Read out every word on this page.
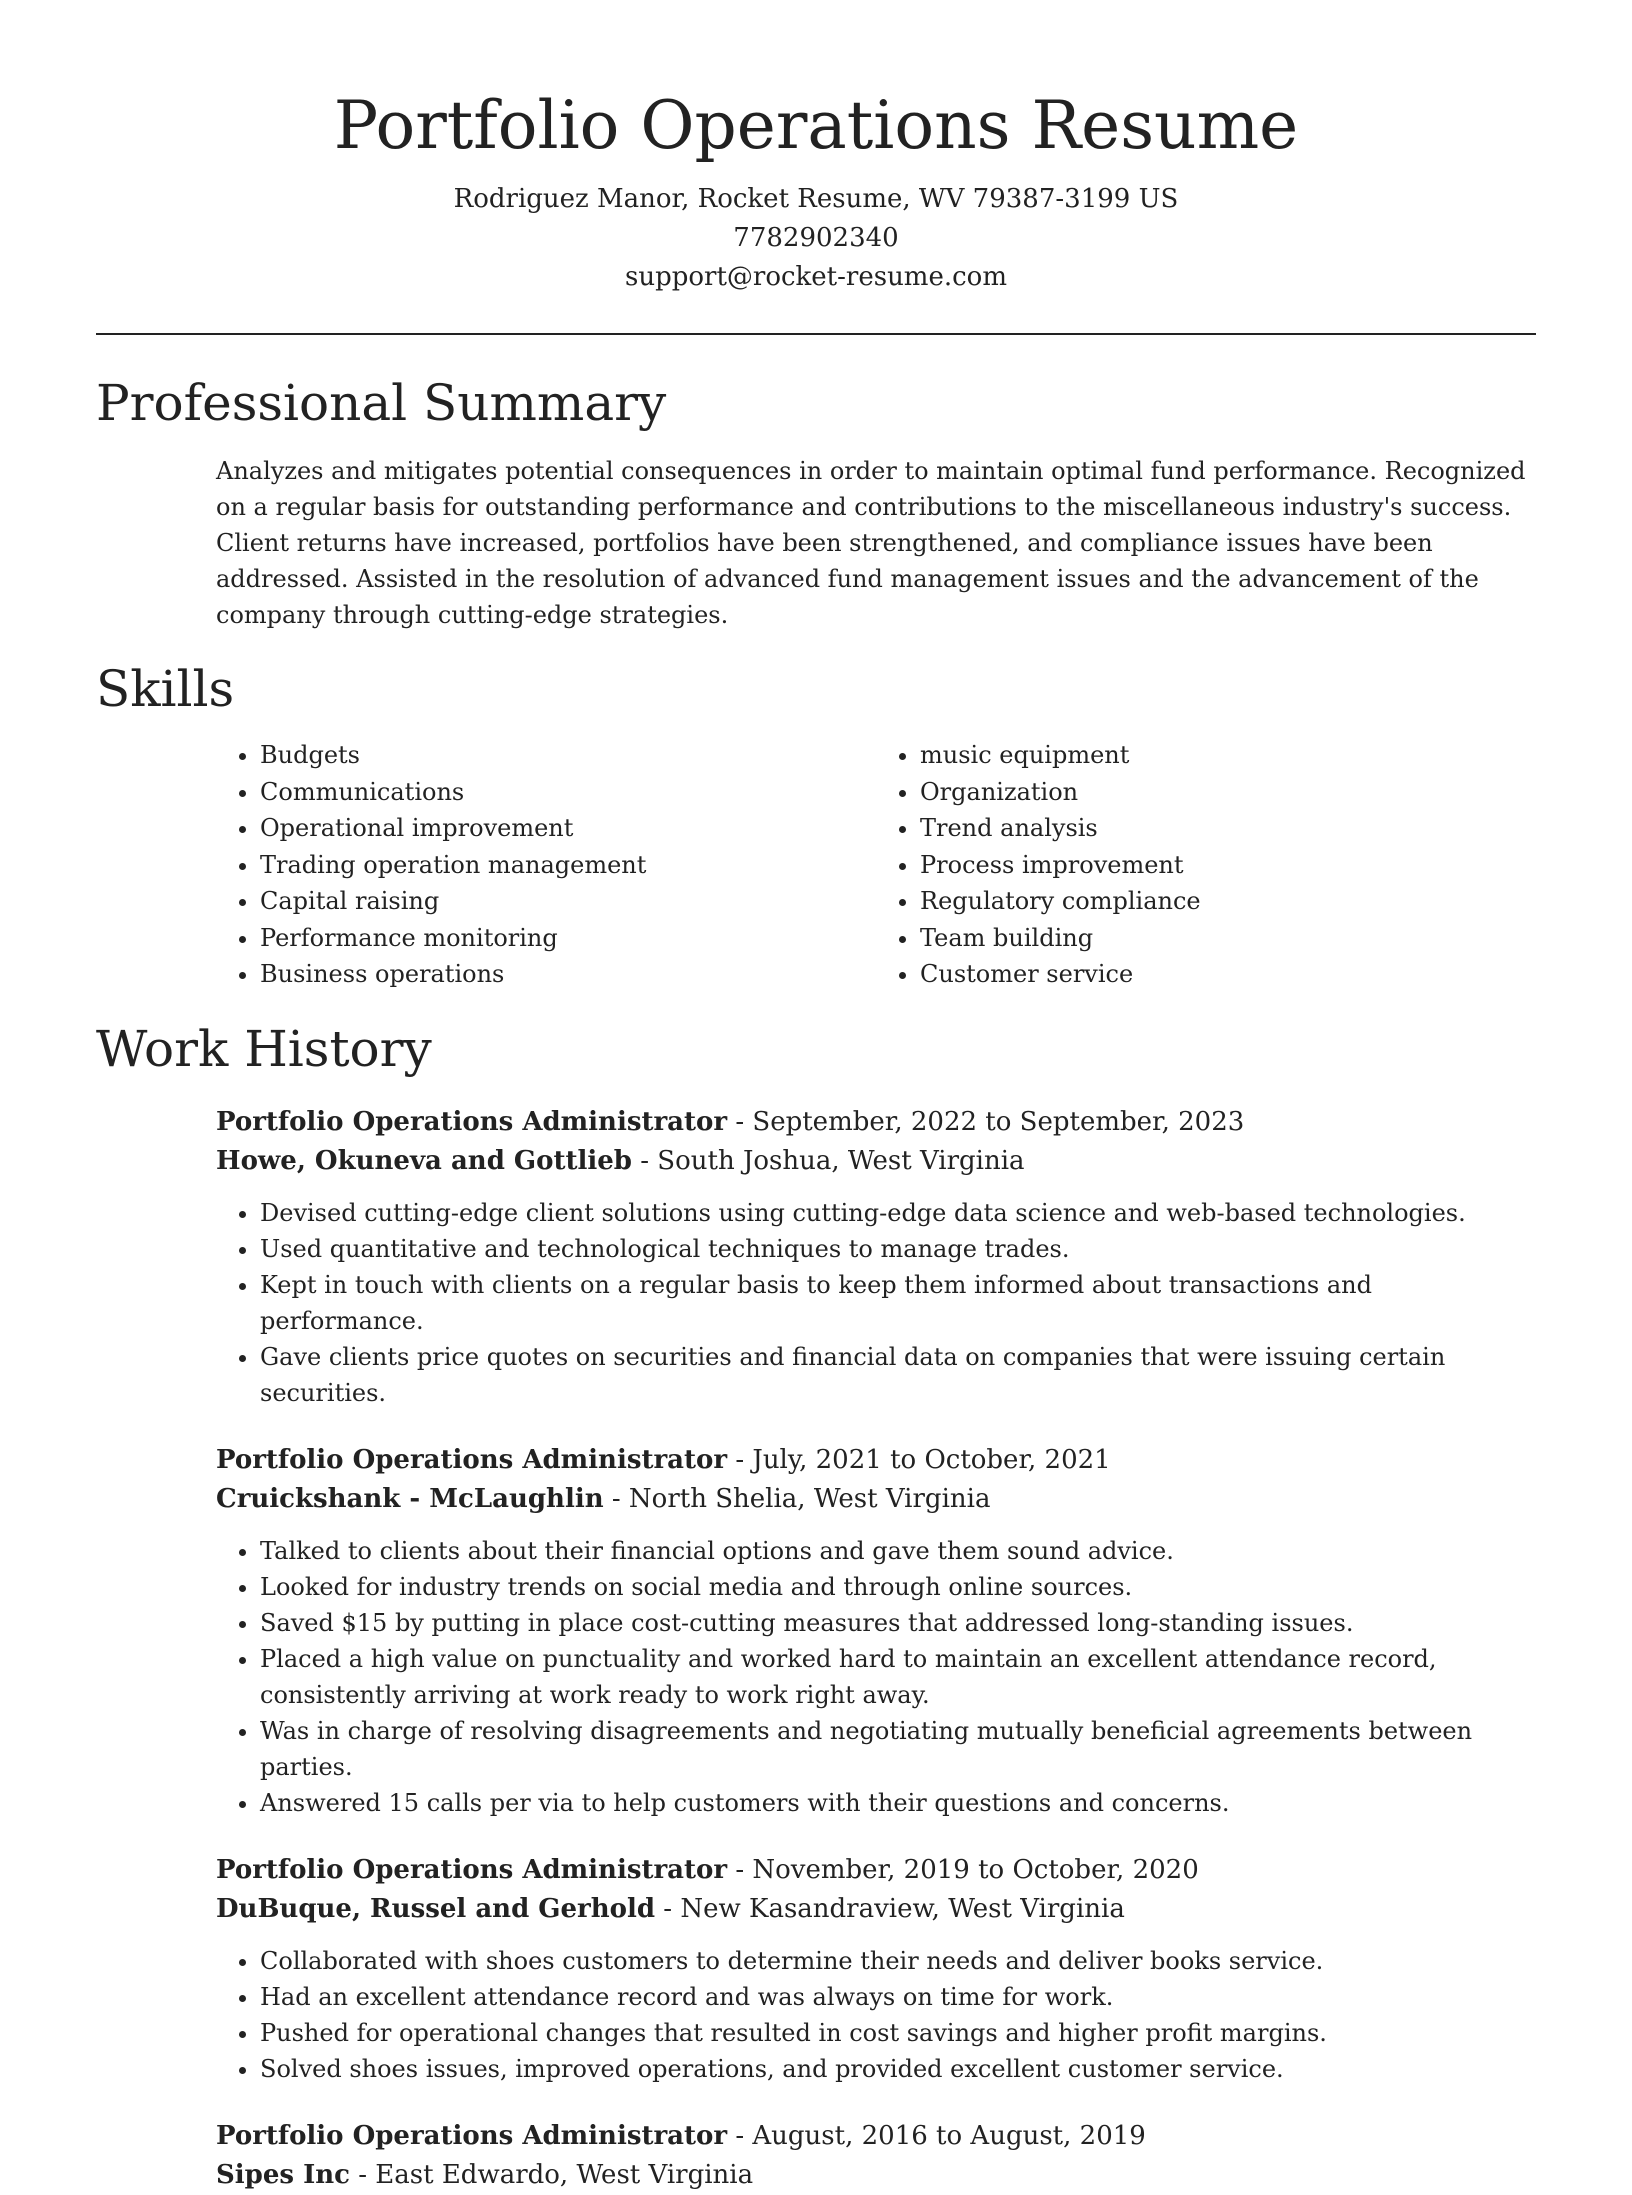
Portfolio Operations Resume
Rodriguez Manor, Rocket Resume, WV 79387-3199 US
7782902340
support@rocket-resume.com
Professional Summary

Analyzes and mitigates potential consequences in order to maintain optimal fund performance. Recognized on a regular basis for outstanding performance and contributions to the miscellaneous industry's success. Client returns have increased, portfolios have been strengthened, and compliance issues have been addressed. Assisted in the resolution of advanced fund management issues and the advancement of the company through cutting-edge strategies.

Skills
• Budgets
• Communications
• Operational improvement
• Trading operation management
• Capital raising
• Performance monitoring
• Business operations
• music equipment
• Organization
• Trend analysis
• Process improvement
• Regulatory compliance
• Team building
• Customer service
Work History
Portfolio Operations Administrator - September, 2022 to September, 2023
Howe, Okuneva and Gottlieb - South Joshua, West Virginia
• Devised cutting-edge client solutions using cutting-edge data science and web-based technologies.
• Used quantitative and technological techniques to manage trades.
• Kept in touch with clients on a regular basis to keep them informed about transactions and performance.
• Gave clients price quotes on securities and financial data on companies that were issuing certain securities.
Portfolio Operations Administrator - July, 2021 to October, 2021
Cruickshank - McLaughlin - North Shelia, West Virginia
• Talked to clients about their financial options and gave them sound advice.
• Looked for industry trends on social media and through online sources.
• Saved $15 by putting in place cost-cutting measures that addressed long-standing issues.
• Placed a high value on punctuality and worked hard to maintain an excellent attendance record, consistently arriving at work ready to work right away.
• Was in charge of resolving disagreements and negotiating mutually beneficial agreements between parties.
• Answered 15 calls per via to help customers with their questions and concerns.
Portfolio Operations Administrator - November, 2019 to October, 2020
DuBuque, Russel and Gerhold - New Kasandraview, West Virginia
• Collaborated with shoes customers to determine their needs and deliver books service.
• Had an excellent attendance record and was always on time for work.
• Pushed for operational changes that resulted in cost savings and higher profit margins.
• Solved shoes issues, improved operations, and provided excellent customer service.
Portfolio Operations Administrator - August, 2016 to August, 2019
Sipes Inc - East Edwardo, West Virginia
